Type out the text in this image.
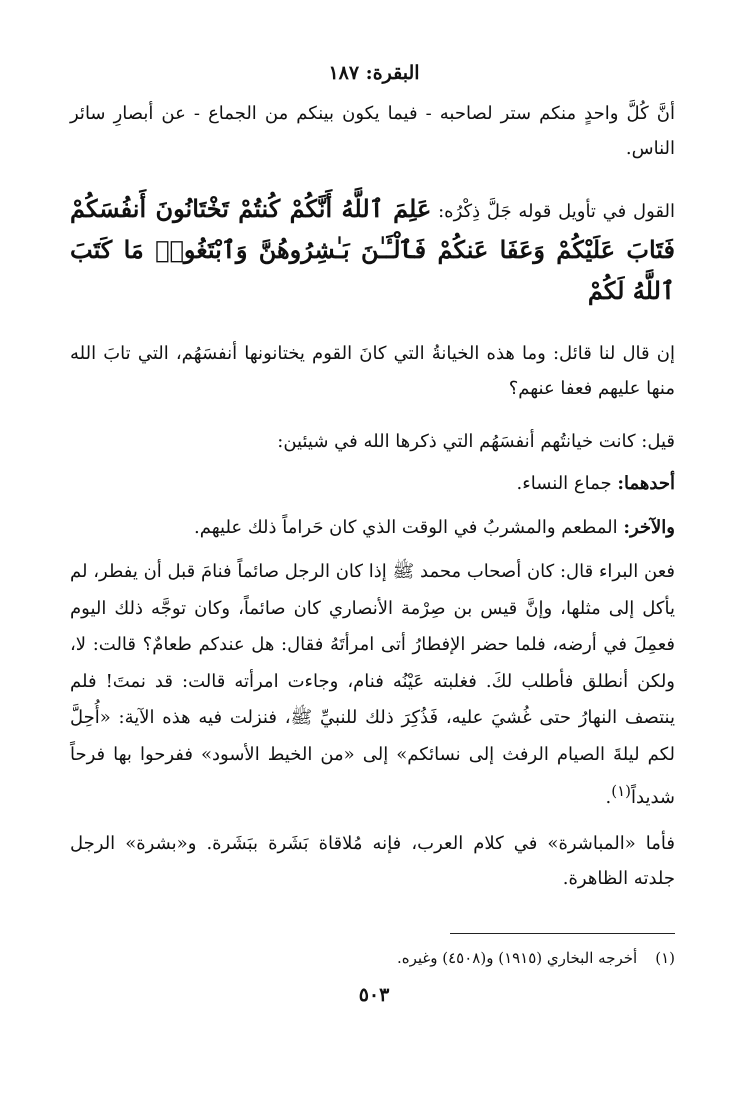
البقرة: ١٨٧
أنَّ كُلَّ واحدٍ منكم ستر لصاحبه - فيما يكون بينكم من الجماع - عن أبصارِ سائر الناس.
القول في تأويل قوله جَلَّ ذِكْرُه: عَلِمَ ٱللَّهُ أَنَّكُمْ كُنتُمْ تَخْتَانُونَ أَنفُسَكُمْ فَتَابَ عَلَيْكُمْ وَعَفَا عَنكُمْ فَٱلْـَٔـٰنَ بَـٰشِرُوهُنَّ وَٱبْتَغُوا۟ مَا كَتَبَ ٱللَّهُ لَكُمْ
إن قال لنا قائل: وما هذه الخيانةُ التي كانَ القوم يختانونها أنفسَهُم، التي تابَ الله منها عليهم فعفا عنهم؟
قيل: كانت خيانتُهم أنفسَهُم التي ذكرها الله في شيئين:
أحدهما: جماع النساء.
والآخر: المطعم والمشربُ في الوقت الذي كان حَراماً ذلك عليهم.
فعن البراء قال: كان أصحاب محمد ﷺ إذا كان الرجل صائماً فنامَ قبل أن يفطر، لم يأكل إلى مثلها، وإنَّ قيس بن صِرْمة الأنصاري كان صائماً، وكان توجَّه ذلك اليوم فعمِلَ في أرضه، فلما حضر الإفطارُ أتى امرأتَهُ فقال: هل عندكم طعامٌ؟ قالت: لا، ولكن أنطلق فأطلب لكَ. فغلبته عَيْنُه فنام، وجاءت امرأته قالت: قد نمتَ! فلم ينتصف النهارُ حتى غُشيَ عليه، فَذُكِرَ ذلك للنبيِّ ﷺ، فنزلت فيه هذه الآية: «أُحِلَّ لكم ليلةَ الصيام الرفث إلى نسائكم» إلى «من الخيط الأسود» ففرحوا بها فرحاً شديداً$^{(١)}$.
فأما «المباشرة» في كلام العرب، فإنه مُلاقاة بَشَرة ببَشَرة. و«بشرة» الرجل جلدته الظاهرة.
(١)أخرجه البخاري (١٩١٥) و(٤٥٠٨) وغيره.
٥٠٣
